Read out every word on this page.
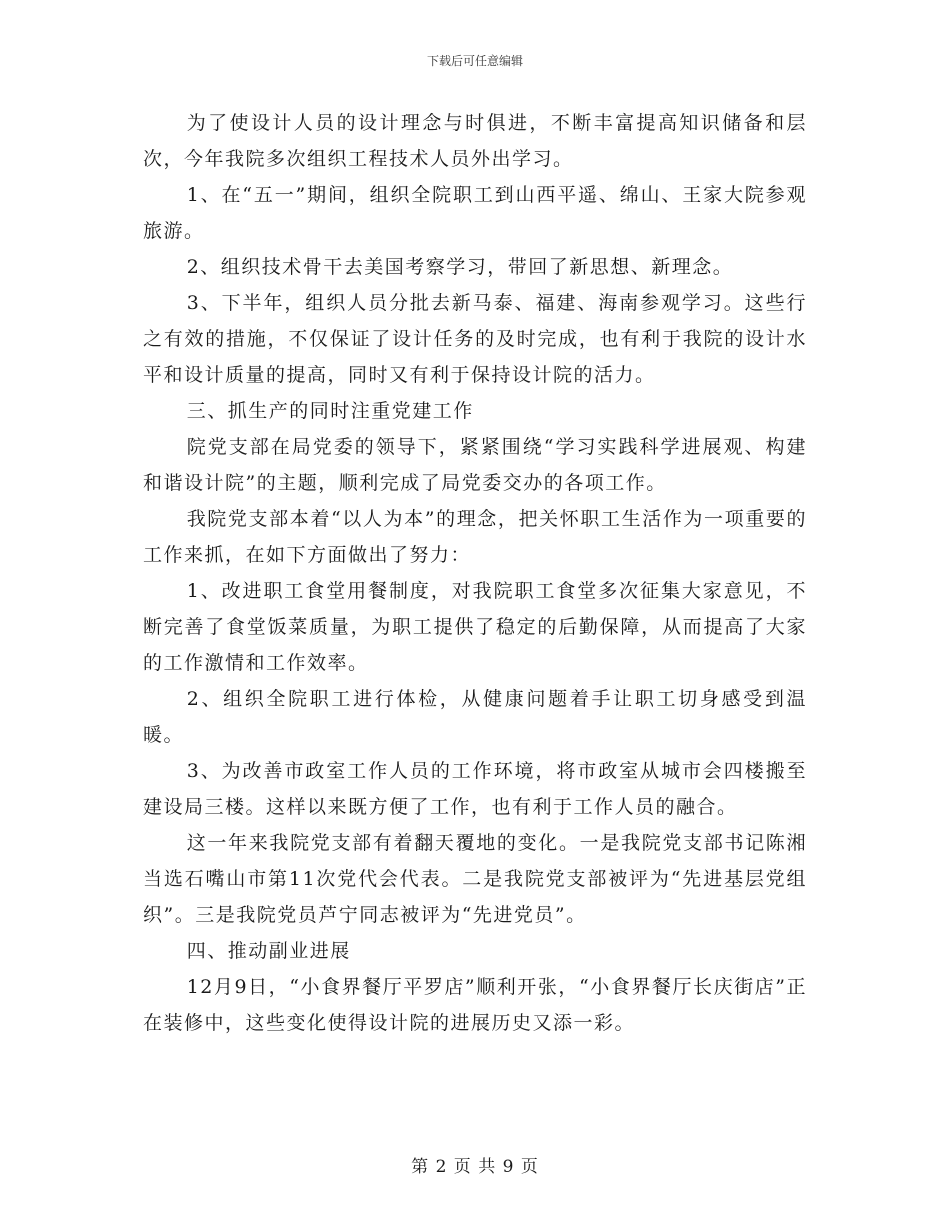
下载后可任意编辑

为了使设计人员的设计理念与时俱进，不断丰富提高知识储备和层次，今年我院多次组织工程技术人员外出学习。

1、在“五一”期间，组织全院职工到山西平遥、绵山、王家大院参观旅游。

2、组织技术骨干去美国考察学习，带回了新思想、新理念。

3、下半年，组织人员分批去新马泰、福建、海南参观学习。这些行之有效的措施，不仅保证了设计任务的及时完成，也有利于我院的设计水平和设计质量的提高，同时又有利于保持设计院的活力。

三、抓生产的同时注重党建工作

院党支部在局党委的领导下，紧紧围绕“学习实践科学进展观、构建和谐设计院”的主题，顺利完成了局党委交办的各项工作。

我院党支部本着“以人为本”的理念，把关怀职工生活作为一项重要的工作来抓，在如下方面做出了努力：

1、改进职工食堂用餐制度，对我院职工食堂多次征集大家意见，不断完善了食堂饭菜质量，为职工提供了稳定的后勤保障，从而提高了大家的工作激情和工作效率。

2、组织全院职工进行体检，从健康问题着手让职工切身感受到温暖。

3、为改善市政室工作人员的工作环境，将市政室从城市会四楼搬至建设局三楼。这样以来既方便了工作，也有利于工作人员的融合。

这一年来我院党支部有着翻天覆地的变化。一是我院党支部书记陈湘当选石嘴山市第11次党代会代表。二是我院党支部被评为“先进基层党组织”。三是我院党员芦宁同志被评为“先进党员”。

四、推动副业进展

12月9日，“小食界餐厅平罗店”顺利开张，“小食界餐厅长庆街店”正在装修中，这些变化使得设计院的进展历史又添一彩。

第 2 页 共 9 页
